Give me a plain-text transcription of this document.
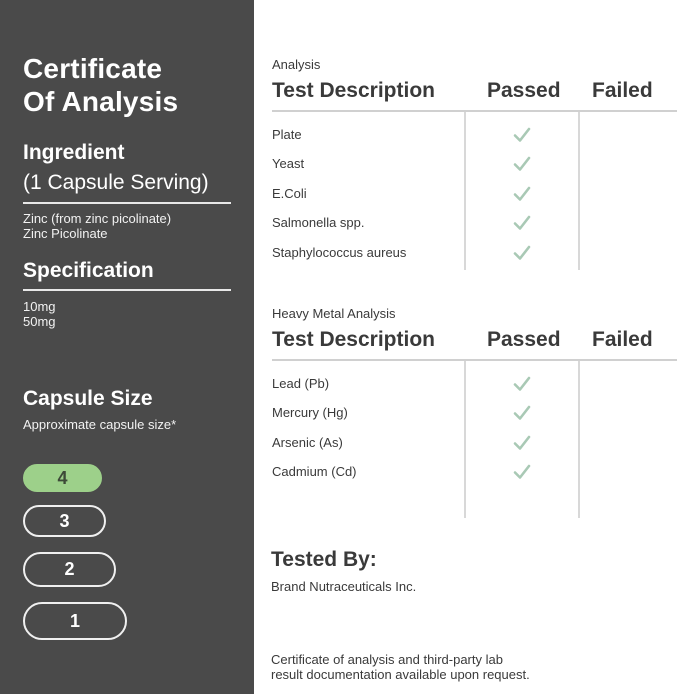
Certificate
Of Analysis
Ingredient
(1 Capsule Serving)
Zinc (from zinc picolinate)
Zinc Picolinate
Specification
10mg
50mg
Capsule Size
Approximate capsule size*
4
3
2
1
Analysis
Test Description Passed Failed
Plate
Yeast
E.Coli
Salmonella spp.
Staphylococcus aureus
Heavy Metal Analysis
Test Description Passed Failed
Lead (Pb)
Mercury (Hg)
Arsenic (As)
Cadmium (Cd)
Tested By:
Brand Nutraceuticals Inc.
Certificate of analysis and third-party lab
result documentation available upon request.
